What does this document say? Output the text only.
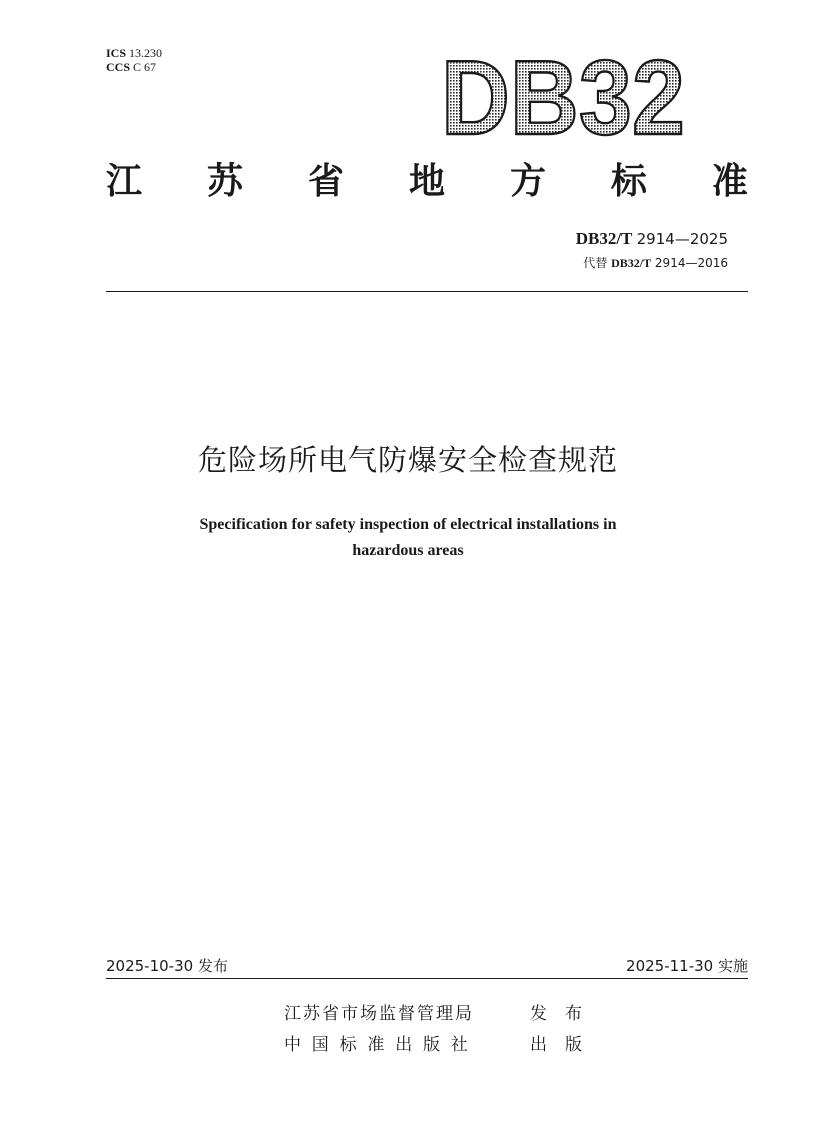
ICS 13.230
CCS C 67	DB32
江 苏 省 地 方 标 准
DB32/T 2914—2025
代替 DB32/T 2914—2016
危险场所电气防爆安全检查规范
Specification for safety inspection of electrical installations in
hazardous areas
2025-10-30 发布	2025-11-30 实施
江苏省市场监督管理局	发布
中国标准出版社	出版
